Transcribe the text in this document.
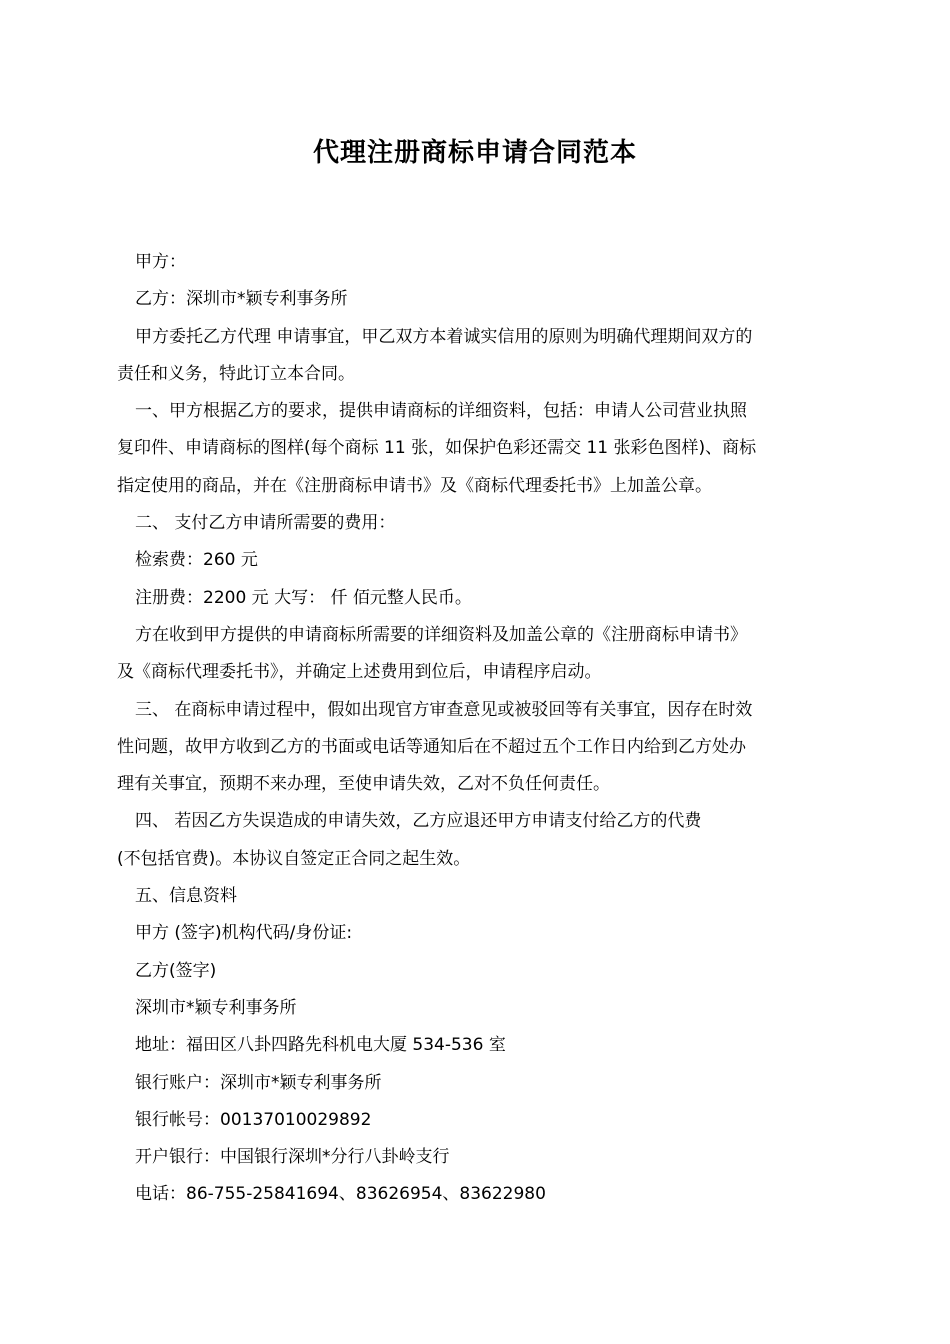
代理注册商标申请合同范本

甲方：

乙方：深圳市*颖专利事务所

甲方委托乙方代理 申请事宜，甲乙双方本着诚实信用的原则为明确代理期间双方的

责任和义务，特此订立本合同。

一、甲方根据乙方的要求，提供申请商标的详细资料，包括：申请人公司营业执照

复印件、申请商标的图样(每个商标 11 张，如保护色彩还需交 11 张彩色图样)、商标

指定使用的商品，并在《注册商标申请书》及《商标代理委托书》上加盖公章。

二、 支付乙方申请所需要的费用：

检索费：260 元

注册费：2200 元 大写： 仟 佰元整人民币。

方在收到甲方提供的申请商标所需要的详细资料及加盖公章的《注册商标申请书》

及《商标代理委托书》，并确定上述费用到位后，申请程序启动。

三、 在商标申请过程中，假如出现官方审查意见或被驳回等有关事宜，因存在时效

性问题，故甲方收到乙方的书面或电话等通知后在不超过五个工作日内给到乙方处办

理有关事宜，预期不来办理，至使申请失效，乙对不负任何责任。

四、 若因乙方失误造成的申请失效，乙方应退还甲方申请支付给乙方的代费

(不包括官费)。本协议自签定正合同之起生效。

五、信息资料

甲方 (签字)机构代码/身份证:

乙方(签字)

深圳市*颖专利事务所

地址：福田区八卦四路先科机电大厦 534-536 室

银行账户：深圳市*颖专利事务所

银行帐号：00137010029892

开户银行：中国银行深圳*分行八卦岭支行

电话：86-755-25841694、83626954、83622980
